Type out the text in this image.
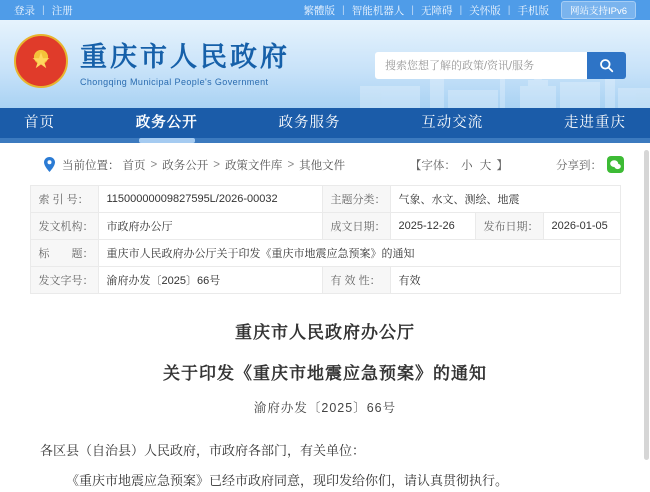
登录 | 注册	繁體版 | 智能机器人 | 无障碍 | 关怀版 | 手机版	网站支持IPv6
★	重庆市人民政府
Chongqing Municipal People's Government
搜索您想了解的政策/资讯/服务
首页	政务公开	政务服务	互动交流	走进重庆
当前位置： 首页 > 政务公开 > 政策文件库 > 其他文件	【字体： 小 大 】	分享到：
索 引 号：	11500000009827595L/2026-00032	主题分类：	气象、水文、测绘、地震		
发文机构：	市政府办公厅	成文日期：	2025-12-26	发布日期：	2026-01-05
标　　题：	重庆市人民政府办公厅关于印发《重庆市地震应急预案》的通知				
发文字号：	渝府办发〔2025〕66号	有 效 性：	有效		
重庆市人民政府办公厅
关于印发《重庆市地震应急预案》的通知
渝府办发〔2025〕66号

各区县（自治县）人民政府，市政府各部门，有关单位：

《重庆市地震应急预案》已经市政府同意，现印发给你们，请认真贯彻执行。
